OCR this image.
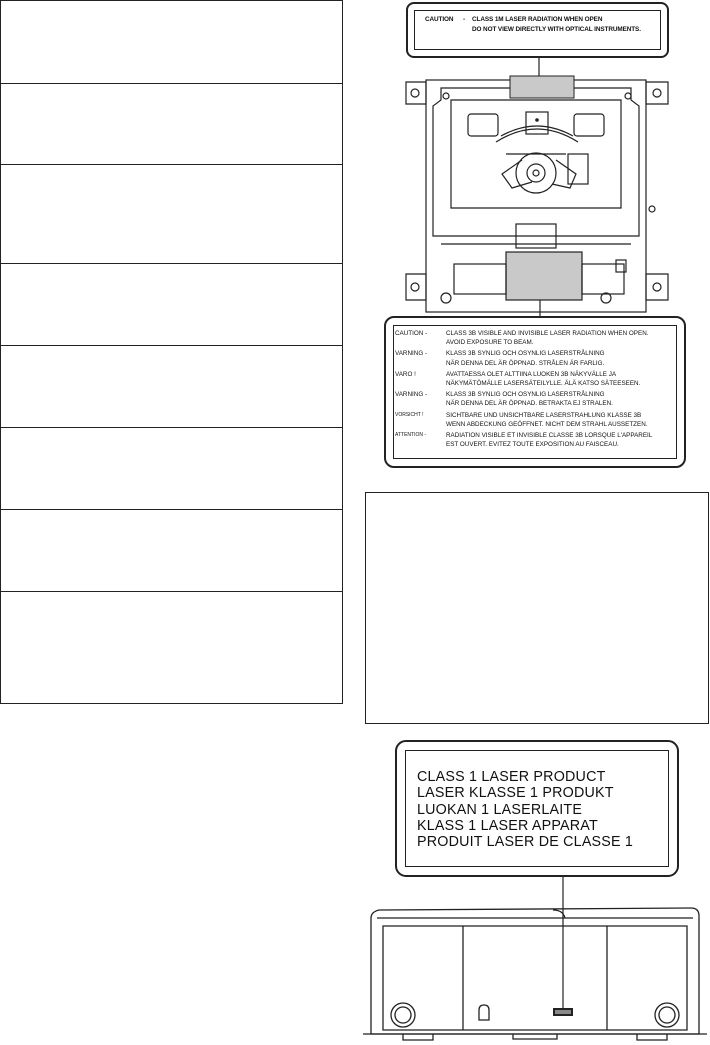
CAUTION - CLASS 1M LASER RADIATION WHEN OPEN
DO NOT VIEW DIRECTLY WITH OPTICAL INSTRUMENTS.
CAUTION -	CLASS 3B VISIBLE AND INVISIBLE LASER RADIATION WHEN OPEN.
AVOID EXPOSURE TO BEAM.
VARNING -	KLASS 3B SYNLIG OCH OSYNLIG LASERSTRÅLNING
NÄR DENNA DEL ÄR ÖPPNAD. STRÅLEN ÄR FARLIG.
VARO !	AVATTAESSA OLET ALTTIINA LUOKEN 3B NÄKYVÄLLE JA
NÄKYMÄTÖMÄLLE LASERSÄTEILYLLE. ÄLÄ KATSO SÄTEESEEN.
VARNING -	KLASS 3B SYNLIG OCH OSYNLIG LASERSTRÅLNING
NÄR DENNA DEL ÄR ÖPPNAD. BETRAKTA EJ STRALEN.
VORSICHT !	SICHTBARE UND UNSICHTBARE LASERSTRAHLUNG KLASSE 3B
WENN ABDECKUNG GEÖFFNET. NICHT DEM STRAHL AUSSETZEN.
ATTENTION -	RADIATION VISIBLE ET INVISIBLE CLASSE 3B LORSQUE L'APPAREIL
EST OUVERT. EVITEZ TOUTE EXPOSITION AU FAISCEAU.
CLASS 1 LASER PRODUCT
LASER KLASSE 1 PRODUKT
LUOKAN 1 LASERLAITE
KLASS 1 LASER APPARAT
PRODUIT LASER DE CLASSE 1
